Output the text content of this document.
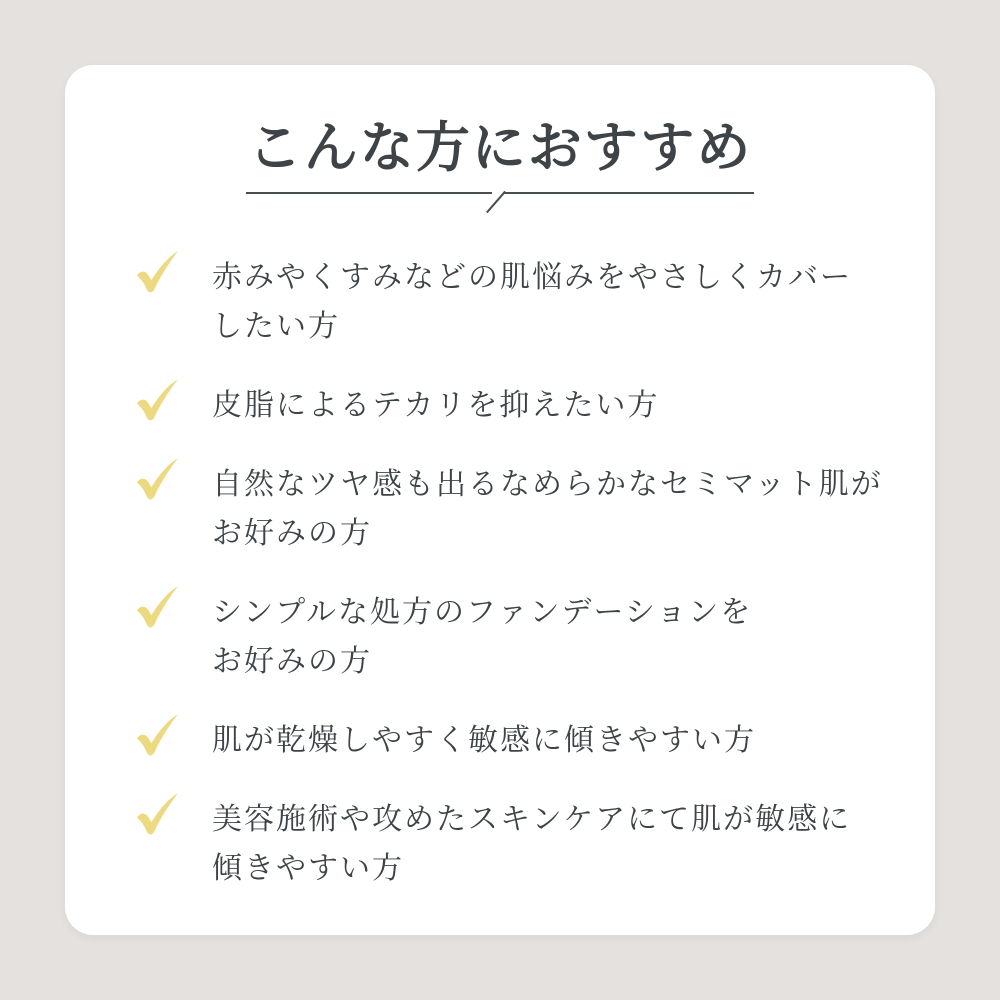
こんな方におすすめ

赤みやくすみなどの肌悩みをやさしくカバー
したい方

皮脂によるテカリを抑えたい方

自然なツヤ感も出るなめらかなセミマット肌が
お好みの方

シンプルな処方のファンデーションを
お好みの方

肌が乾燥しやすく敏感に傾きやすい方

美容施術や攻めたスキンケアにて肌が敏感に
傾きやすい方
